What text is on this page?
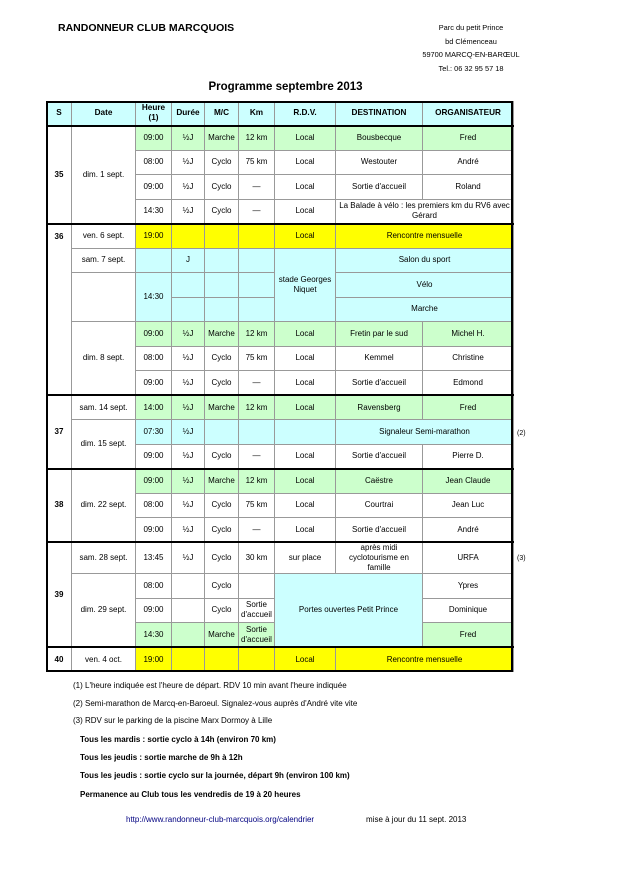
RANDONNEUR CLUB MARCQUOIS	Parc du petit Prince
bd Clémenceau
59700 MARCQ-EN-BARŒUL
Tel.: 06 32 95 57 18
Programme septembre 2013
S	Date	Heure (1)	Durée	M/C	Km	R.D.V.	DESTINATION	ORGANISATEUR	
35	dim. 1 sept.	09:00	½J	Marche	12 km	Local	Bousbecque	Fred	
		08:00	½J	Cyclo	75 km	Local	Westouter	André	
		09:00	½J	Cyclo	—	Local	Sortie d'accueil	Roland	
		14:30	½J	Cyclo	—	Local	La Balade à vélo : les premiers km du RV6 avec Gérard		
36	ven. 6 sept.	19:00				Local	Rencontre mensuelle		
	sam. 7 sept.		J			stade Georges Niquet	Salon du sport		
		14:30					Vélo		
							Marche		
	dim. 8 sept.	09:00	½J	Marche	12 km	Local	Fretin par le sud	Michel H.	
		08:00	½J	Cyclo	75 km	Local	Kemmel	Christine	
		09:00	½J	Cyclo	—	Local	Sortie d'accueil	Edmond	
37	sam. 14 sept.	14:00	½J	Marche	12 km	Local	Ravensberg	Fred	
	dim. 15 sept.	07:30	½J				Signaleur Semi-marathon		
		09:00	½J	Cyclo	—	Local	Sortie d'accueil	Pierre D.	
38	dim. 22 sept.	09:00	½J	Marche	12 km	Local	Caëstre	Jean Claude	
		08:00	½J	Cyclo	75 km	Local	Courtrai	Jean Luc	
		09:00	½J	Cyclo	—	Local	Sortie d'accueil	André	
39	sam. 28 sept.	13:45	½J	Cyclo	30 km	sur place	après midi cyclotourisme en famille	URFA	
	dim. 29 sept.	08:00		Cyclo		Portes ouvertes Petit Prince		Ypres	
		09:00		Cyclo	Sortie d'accueil			Dominique	
		14:30		Marche	Sortie d'accueil			Fred	
40	ven. 4 oct.	19:00				Local	Rencontre mensuelle		
(2)
(3)
(1) L'heure indiquée est l'heure de départ. RDV 10 min avant l'heure indiquée
(2) Semi-marathon de Marcq-en-Baroeul. Signalez-vous auprès d'André vite vite
(3) RDV sur le parking de la piscine Marx Dormoy à Lille
Tous les mardis : sortie cyclo à 14h (environ 70 km)
Tous les jeudis : sortie marche de 9h à 12h
Tous les jeudis : sortie cyclo sur la journée, départ 9h (environ 100 km)
Permanence au Club tous les vendredis de 19 à 20 heures
http://www.randonneur-club-marcquois.org/calendrier	mise à jour du 11 sept. 2013
